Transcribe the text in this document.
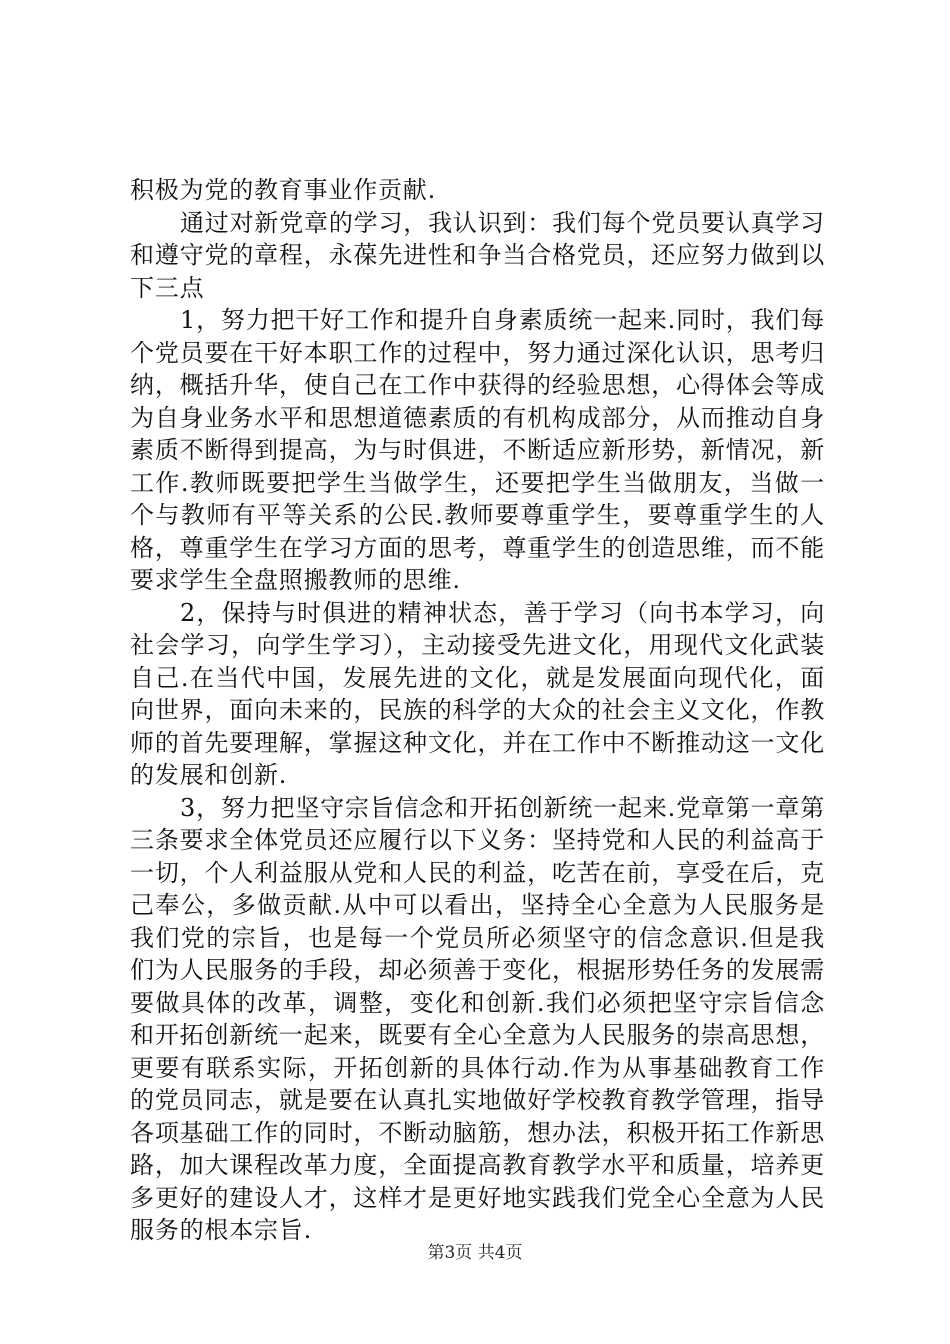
积极为党的教育事业作贡献.

通过对新党章的学习，我认识到：我们每个党员要认真学习和遵守党的章程，永葆先进性和争当合格党员，还应努力做到以下三点

1，努力把干好工作和提升自身素质统一起来.同时，我们每个党员要在干好本职工作的过程中，努力通过深化认识，思考归纳，概括升华，使自己在工作中获得的经验思想，心得体会等成为自身业务水平和思想道德素质的有机构成部分，从而推动自身素质不断得到提高，为与时俱进，不断适应新形势，新情况，新工作.教师既要把学生当做学生，还要把学生当做朋友，当做一个与教师有平等关系的公民.教师要尊重学生，要尊重学生的人格，尊重学生在学习方面的思考，尊重学生的创造思维，而不能要求学生全盘照搬教师的思维.

2，保持与时俱进的精神状态，善于学习（向书本学习，向社会学习，向学生学习），主动接受先进文化，用现代文化武装自己.在当代中国，发展先进的文化，就是发展面向现代化，面向世界，面向未来的，民族的科学的大众的社会主义文化，作教师的首先要理解，掌握这种文化，并在工作中不断推动这一文化的发展和创新.

3，努力把坚守宗旨信念和开拓创新统一起来.党章第一章第三条要求全体党员还应履行以下义务：坚持党和人民的利益高于一切，个人利益服从党和人民的利益，吃苦在前，享受在后，克己奉公，多做贡献.从中可以看出，坚持全心全意为人民服务是我们党的宗旨，也是每一个党员所必须坚守的信念意识.但是我们为人民服务的手段，却必须善于变化，根据形势任务的发展需要做具体的改革，调整，变化和创新.我们必须把坚守宗旨信念和开拓创新统一起来，既要有全心全意为人民服务的崇高思想，更要有联系实际，开拓创新的具体行动.作为从事基础教育工作的党员同志，就是要在认真扎实地做好学校教育教学管理，指导各项基础工作的同时，不断动脑筋，想办法，积极开拓工作新思路，加大课程改革力度，全面提高教育教学水平和质量，培养更多更好的建设人才，这样才是更好地实践我们党全心全意为人民服务的根本宗旨.

第3页 共4页
